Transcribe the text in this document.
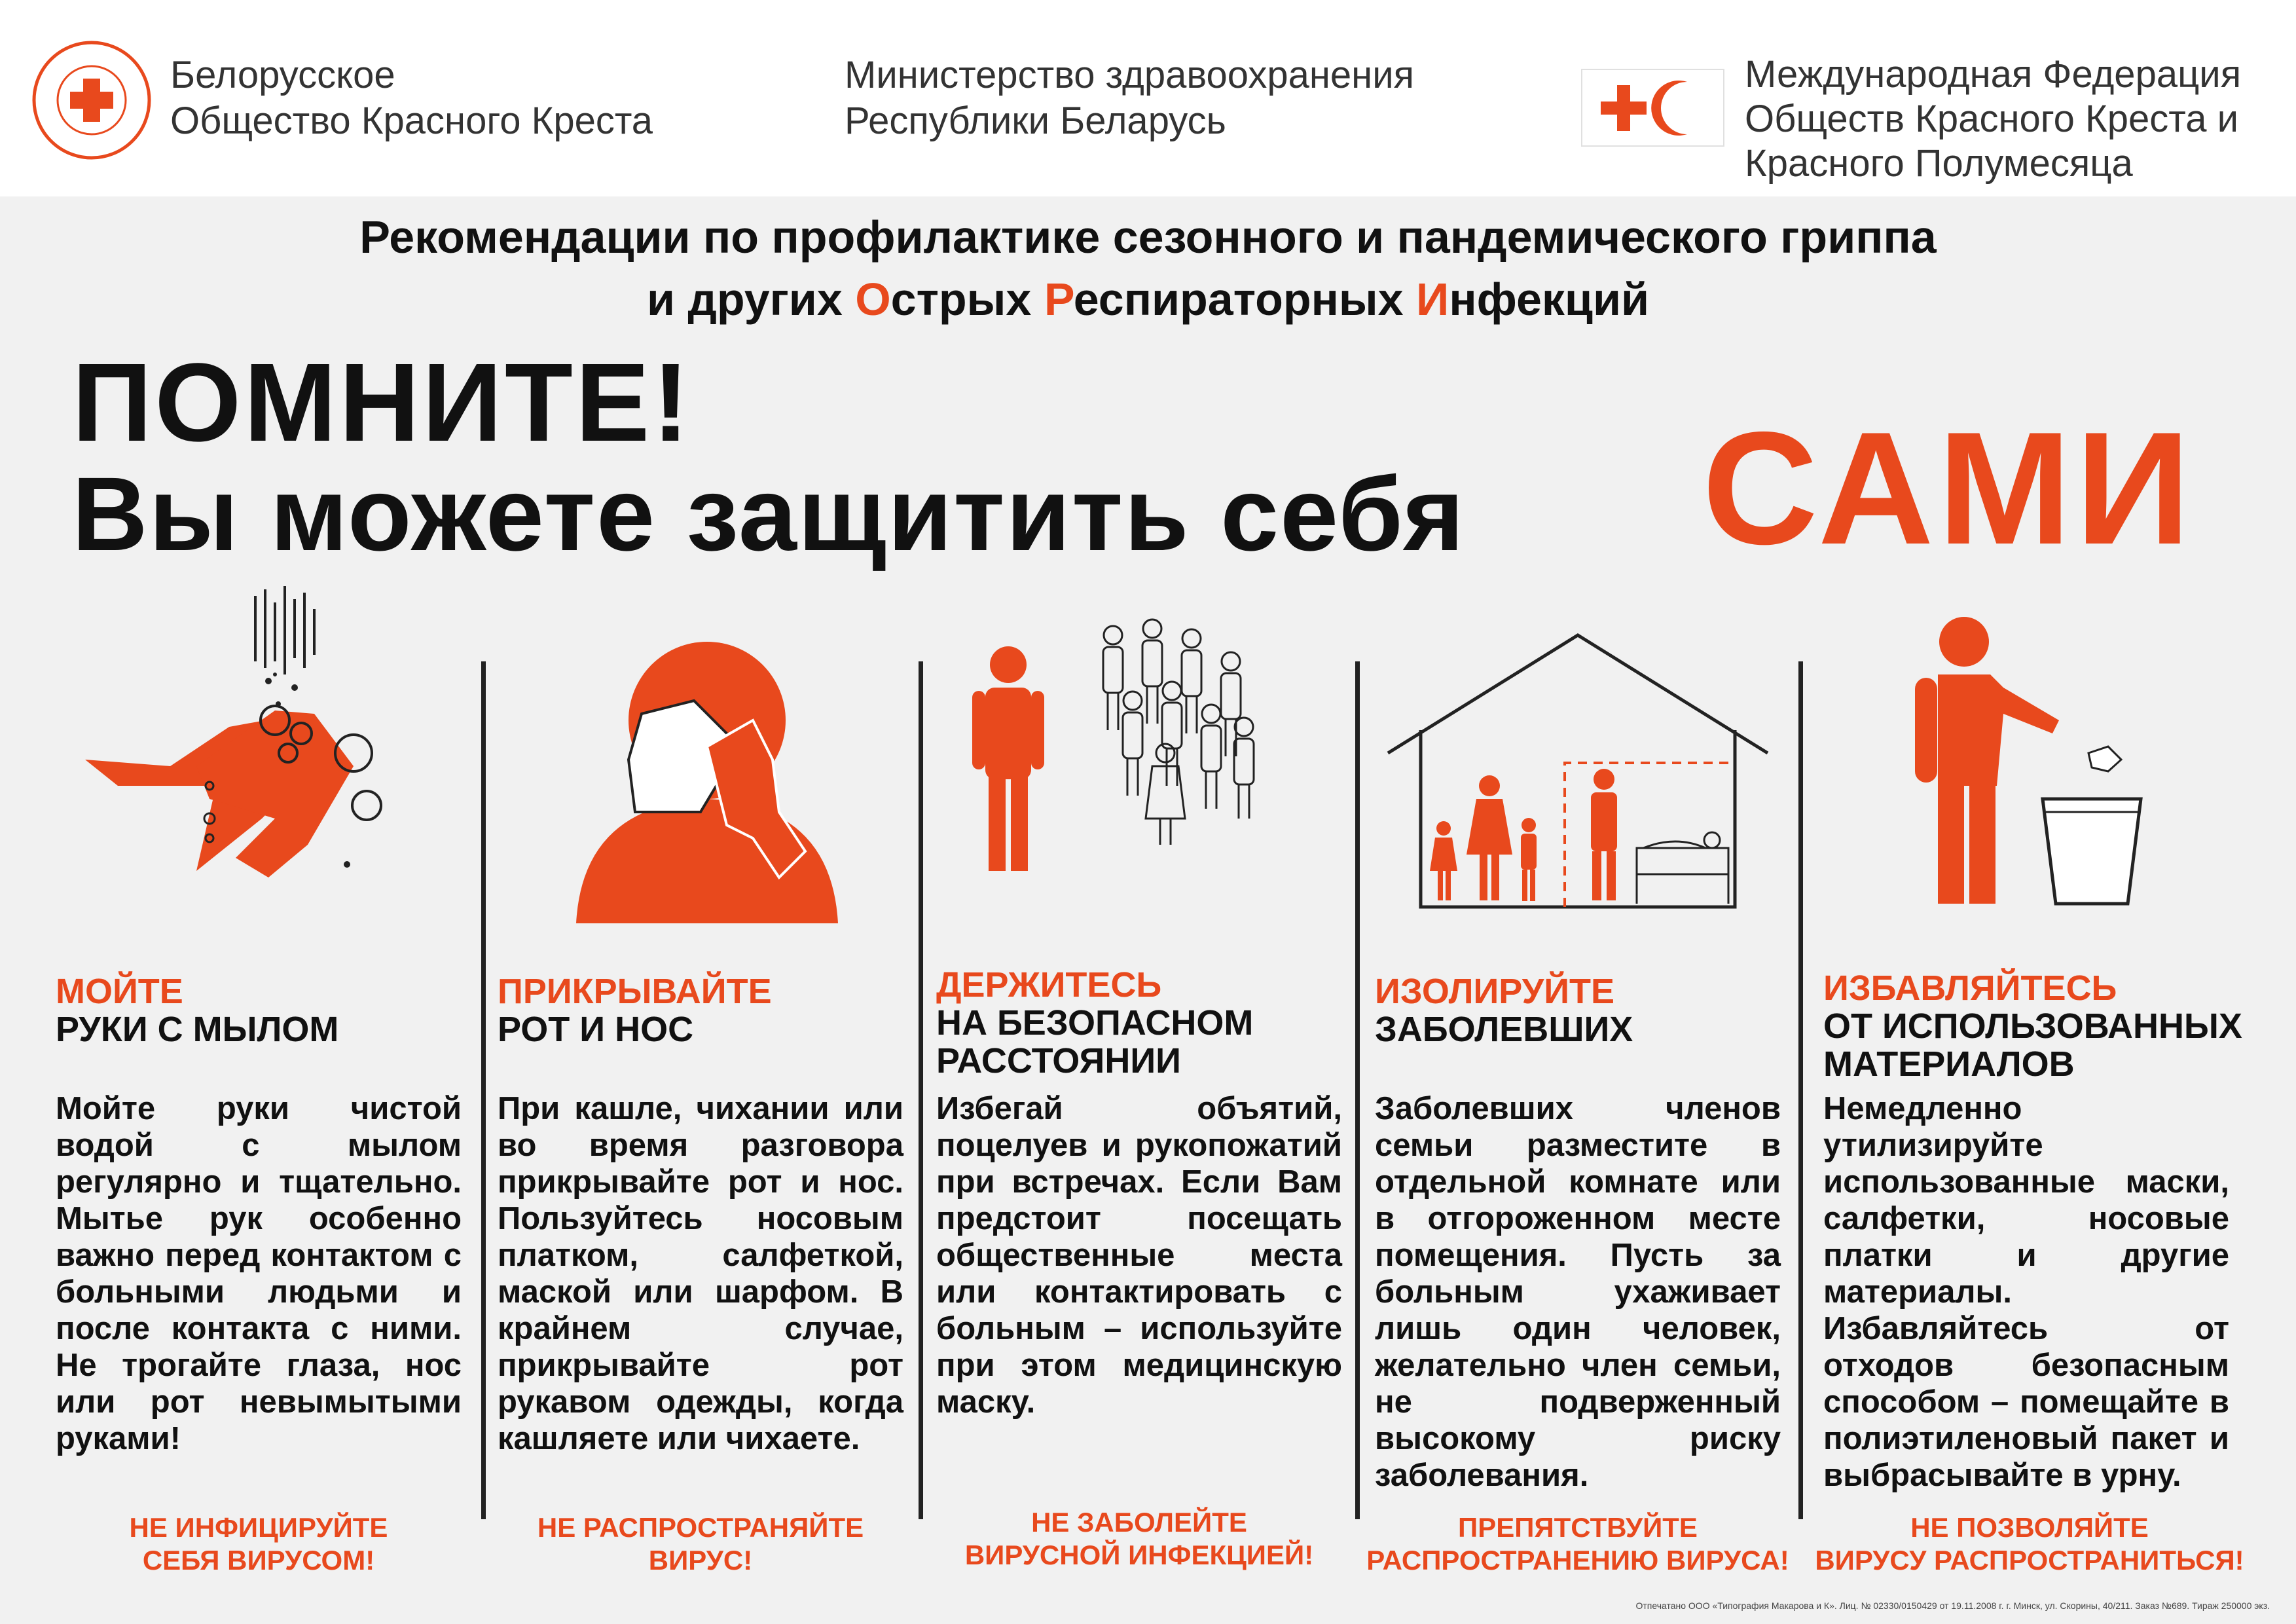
Белорусское
Общество Красного Креста
Министерство здравоохранения
Республики Беларусь
Международная Федерация
Обществ Красного Креста и
Красного Полумесяца
Рекомендации по профилактике сезонного и пандемического гриппа
и других Острых Респираторных Инфекций
ПОМНИТЕ!
Вы можете защитить себя САМИ
МОЙТЕ
РУКИ С МЫЛОМ
Мойте руки чистой водой с мылом регулярно и тщательно. Мытье рук особенно важно перед контактом с больными людьми и после контакта с ними. Не трогайте глаза, нос или рот невымытыми руками!
НЕ ИНФИЦИРУЙТЕ
СЕБЯ ВИРУСОМ!
ПРИКРЫВАЙТЕ
РОТ И НОС
При кашле, чихании или во время разговора прикрывайте рот и нос. Пользуйтесь носовым платком, салфеткой, маской или шарфом. В крайнем случае, прикрывайте рот рукавом одежды, когда кашляете или чихаете.
НЕ РАСПРОСТРАНЯЙТЕ
ВИРУС!
ДЕРЖИТЕСЬ
НА БЕЗОПАСНОМ
РАССТОЯНИИ
Избегай объятий, поцелуев и рукопожатий при встречах. Если Вам предстоит посещать общественные места или контактировать с больным – используйте при этом медицинскую маску.
НЕ ЗАБОЛЕЙТЕ
ВИРУСНОЙ ИНФЕКЦИЕЙ!
ИЗОЛИРУЙТЕ
ЗАБОЛЕВШИХ
Заболевших членов семьи разместите в отдельной комнате или в отгороженном месте помещения. Пусть за больным ухаживает лишь один человек, желательно член семьи, не подверженный высокому риску заболевания.
ПРЕПЯТСТВУЙТЕ
РАСПРОСТРАНЕНИЮ ВИРУСА!
ИЗБАВЛЯЙТЕСЬ
ОТ ИСПОЛЬЗОВАННЫХ
МАТЕРИАЛОВ
Немедленно утилизируйте использованные маски, салфетки, носовые платки и другие материалы. Избавляйтесь от отходов безопасным способом – помещайте в полиэтиленовый пакет и выбрасывайте в урну.
НЕ ПОЗВОЛЯЙТЕ
ВИРУСУ РАСПРОСТРАНИТЬСЯ!
Отпечатано ООО «Типография Макарова и К». Лиц. № 02330/0150429 от 19.11.2008 г. г. Минск, ул. Скорины, 40/211. Заказ №689. Тираж 250000 экз.
